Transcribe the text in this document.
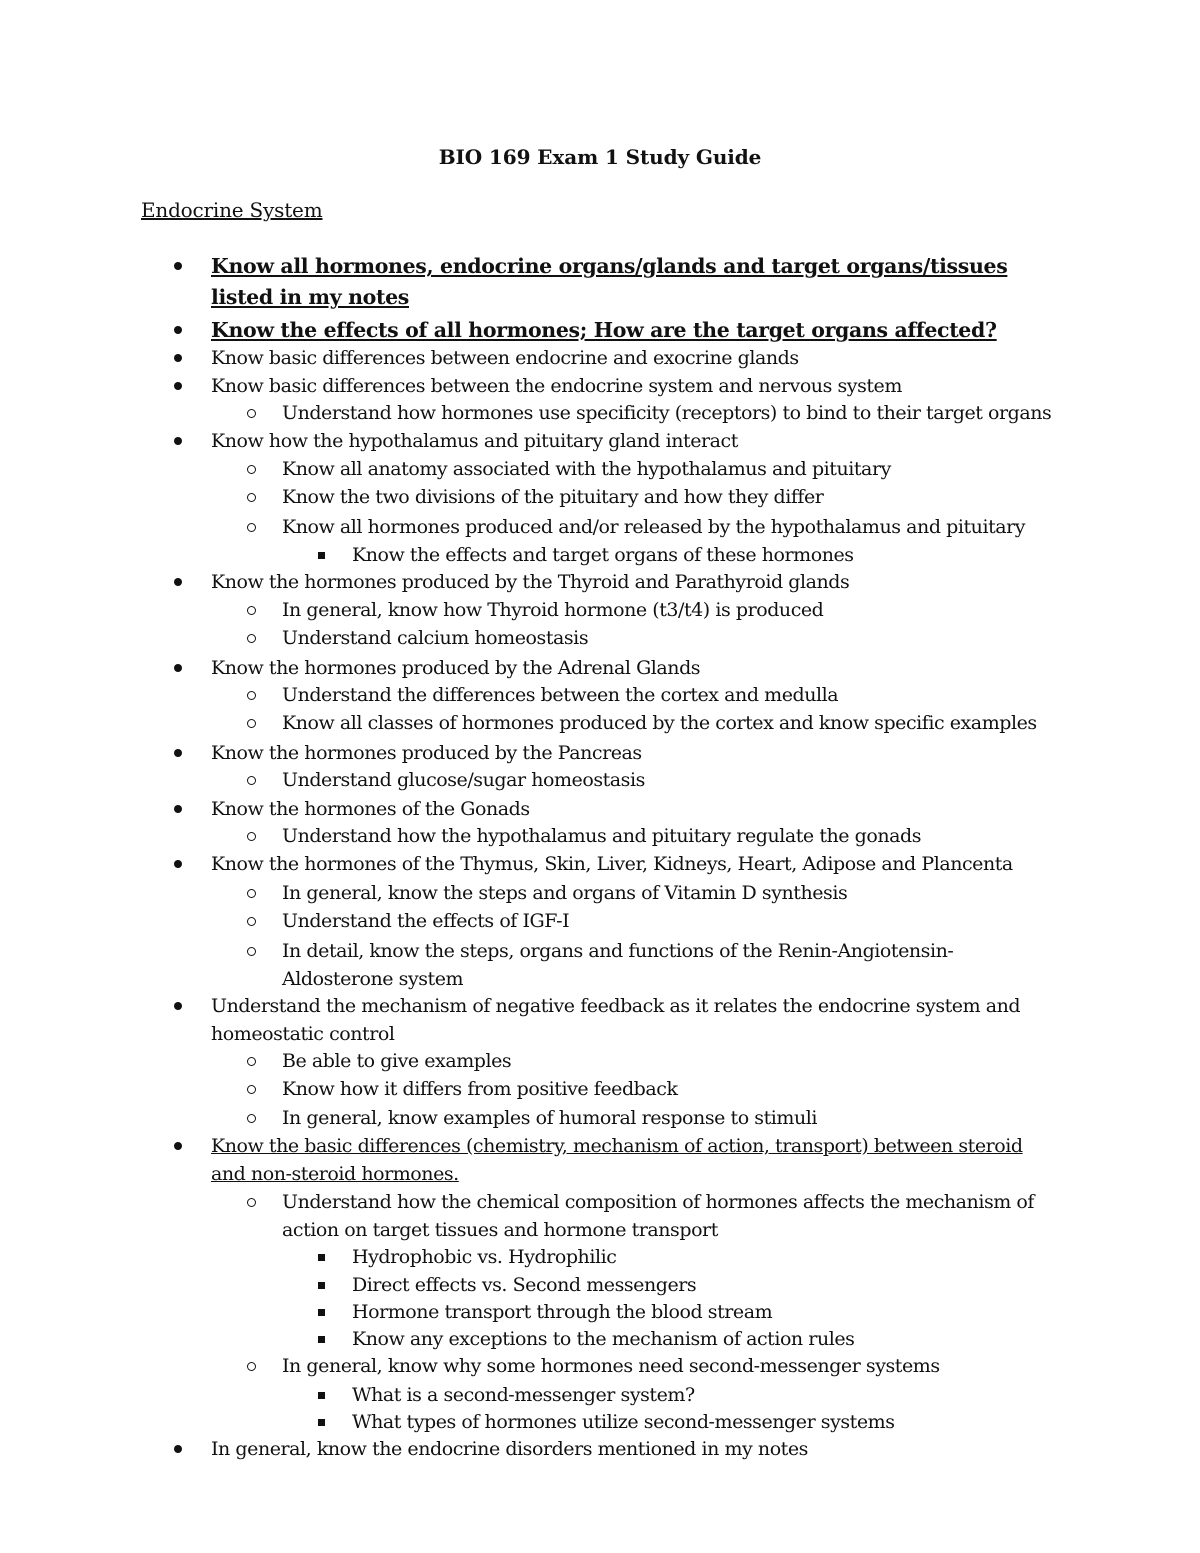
BIO 169 Exam 1 Study Guide
Endocrine System
Know all hormones, endocrine organs/glands and target organs/tissues
listed in my notes
Know the effects of all hormones; How are the target organs affected?
Know basic differences between endocrine and exocrine glands
Know basic differences between the endocrine system and nervous system
Understand how hormones use specificity (receptors) to bind to their target organs
Know how the hypothalamus and pituitary gland interact
Know all anatomy associated with the hypothalamus and pituitary
Know the two divisions of the pituitary and how they differ
Know all hormones produced and/or released by the hypothalamus and pituitary
Know the effects and target organs of these hormones
Know the hormones produced by the Thyroid and Parathyroid glands
In general, know how Thyroid hormone (t3/t4) is produced
Understand calcium homeostasis
Know the hormones produced by the Adrenal Glands
Understand the differences between the cortex and medulla
Know all classes of hormones produced by the cortex and know specific examples
Know the hormones produced by the Pancreas
Understand glucose/sugar homeostasis
Know the hormones of the Gonads
Understand how the hypothalamus and pituitary regulate the gonads
Know the hormones of the Thymus, Skin, Liver, Kidneys, Heart, Adipose and Plancenta
In general, know the steps and organs of Vitamin D synthesis
Understand the effects of IGF-I
In detail, know the steps, organs and functions of the Renin-Angiotensin-
Aldosterone system
Understand the mechanism of negative feedback as it relates the endocrine system and
homeostatic control
Be able to give examples
Know how it differs from positive feedback
In general, know examples of humoral response to stimuli
Know the basic differences (chemistry, mechanism of action, transport) between steroid
and non-steroid hormones.
Understand how the chemical composition of hormones affects the mechanism of
action on target tissues and hormone transport
Hydrophobic vs. Hydrophilic
Direct effects vs. Second messengers
Hormone transport through the blood stream
Know any exceptions to the mechanism of action rules
In general, know why some hormones need second-messenger systems
What is a second-messenger system?
What types of hormones utilize second-messenger systems
In general, know the endocrine disorders mentioned in my notes
